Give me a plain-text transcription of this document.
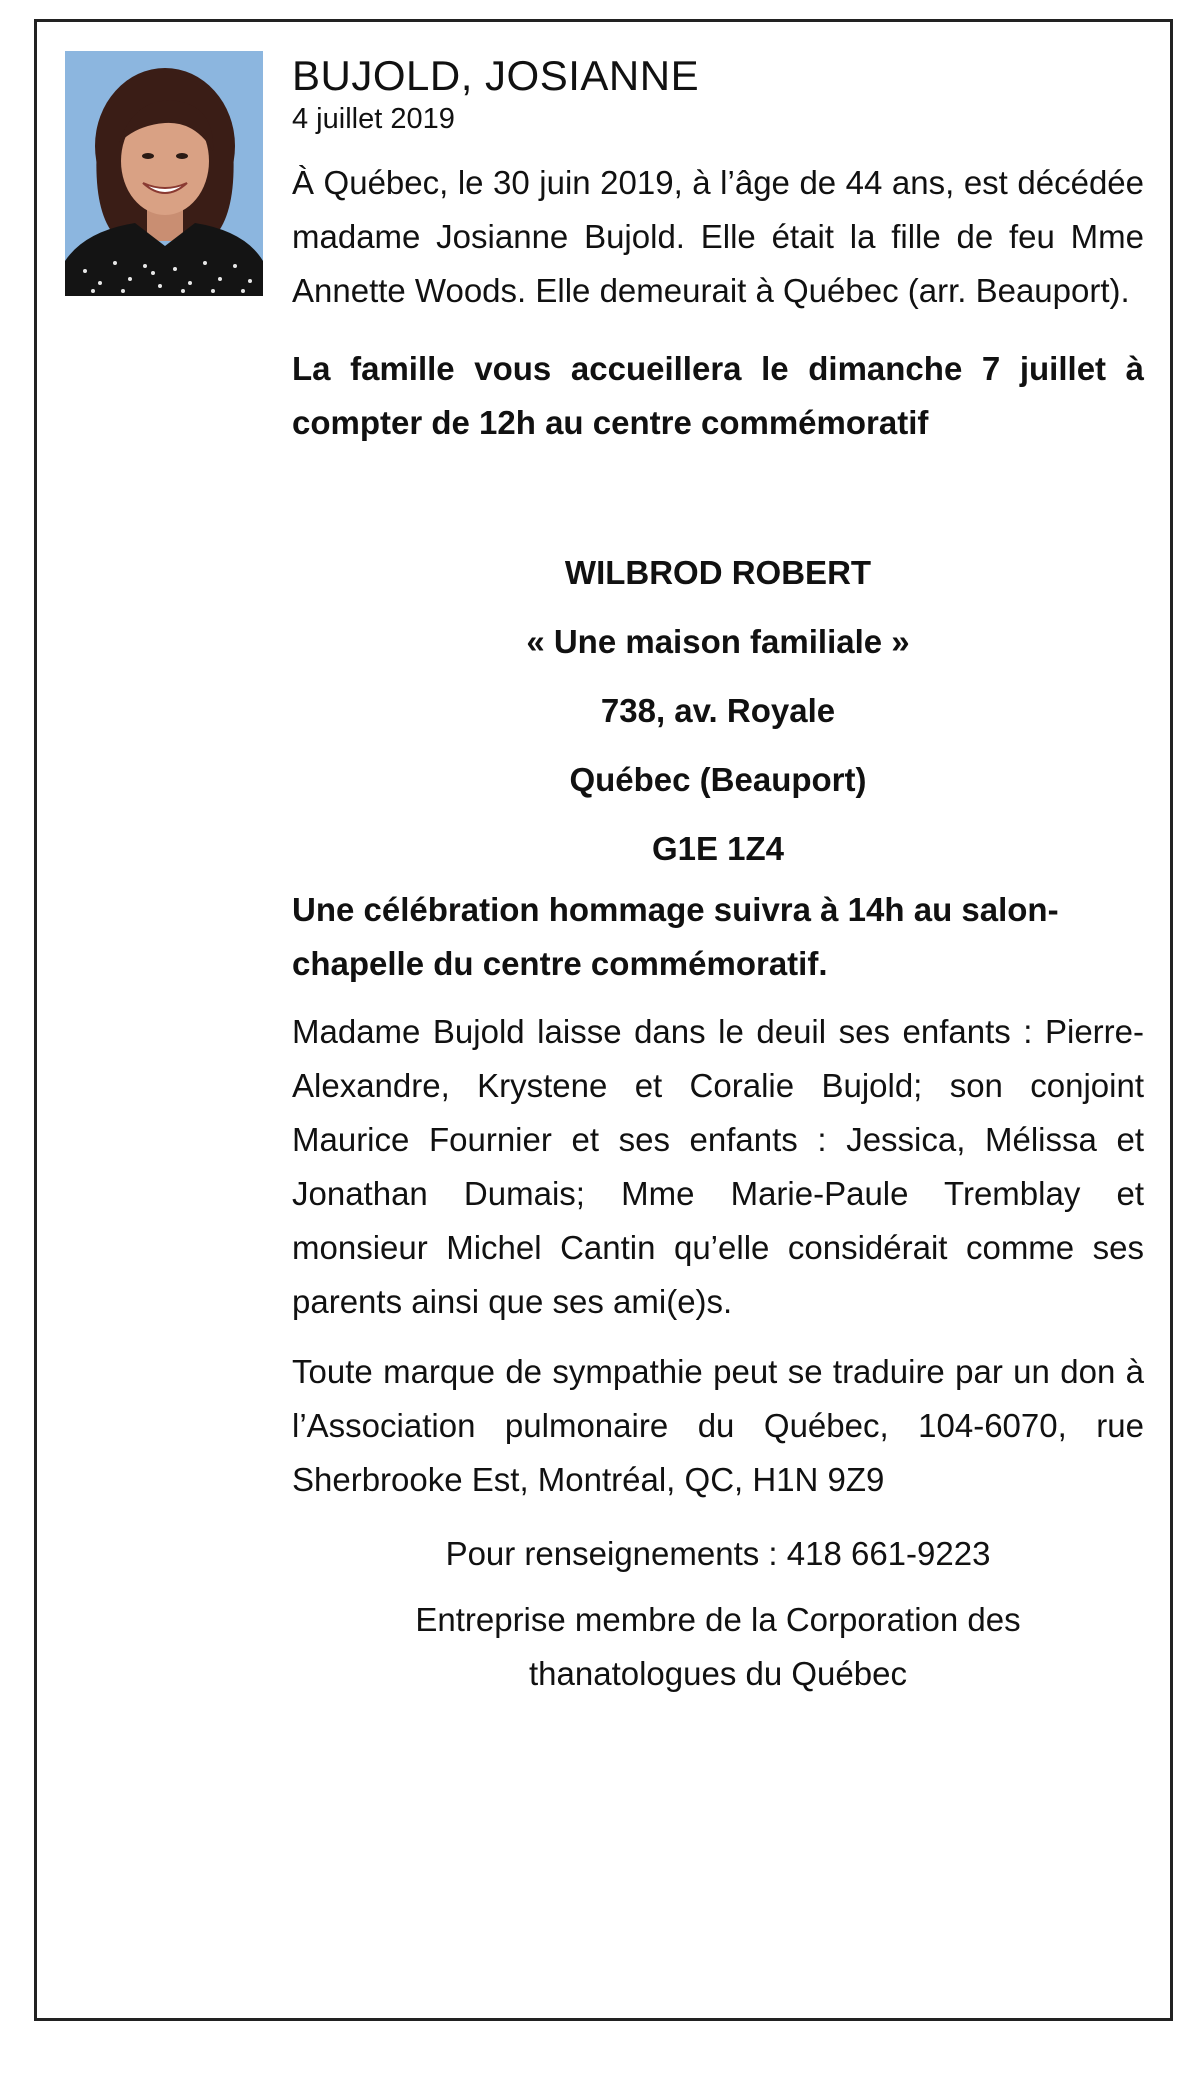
BUJOLD, JOSIANNE

4 juillet 2019

À Québec, le 30 juin 2019, à l’âge de 44 ans, est décédée madame Josianne Bujold. Elle était la fille de feu Mme Annette Woods. Elle demeurait à Québec (arr. Beauport).

La famille vous accueillera le dimanche 7 juillet à compter de 12h au centre commémoratif

WILBROD ROBERT
« Une maison familiale »
738, av. Royale
Québec (Beauport)
G1E 1Z4

Une célébration hommage suivra à 14h au salon-chapelle du centre commémoratif.

Madame Bujold laisse dans le deuil ses enfants : Pierre-Alexandre, Krystene et Coralie Bujold; son conjoint Maurice Fournier et ses enfants : Jessica, Mélissa et Jonathan Dumais; Mme Marie-Paule Tremblay et monsieur Michel Cantin qu’elle considérait comme ses parents ainsi que ses ami(e)s.

Toute marque de sympathie peut se traduire par un don à l’Association pulmonaire du Québec, 104-6070, rue Sherbrooke Est, Montréal, QC, H1N 9Z9

Pour renseignements : 418 661-9223

Entreprise membre de la Corporation des thanatologues du Québec
